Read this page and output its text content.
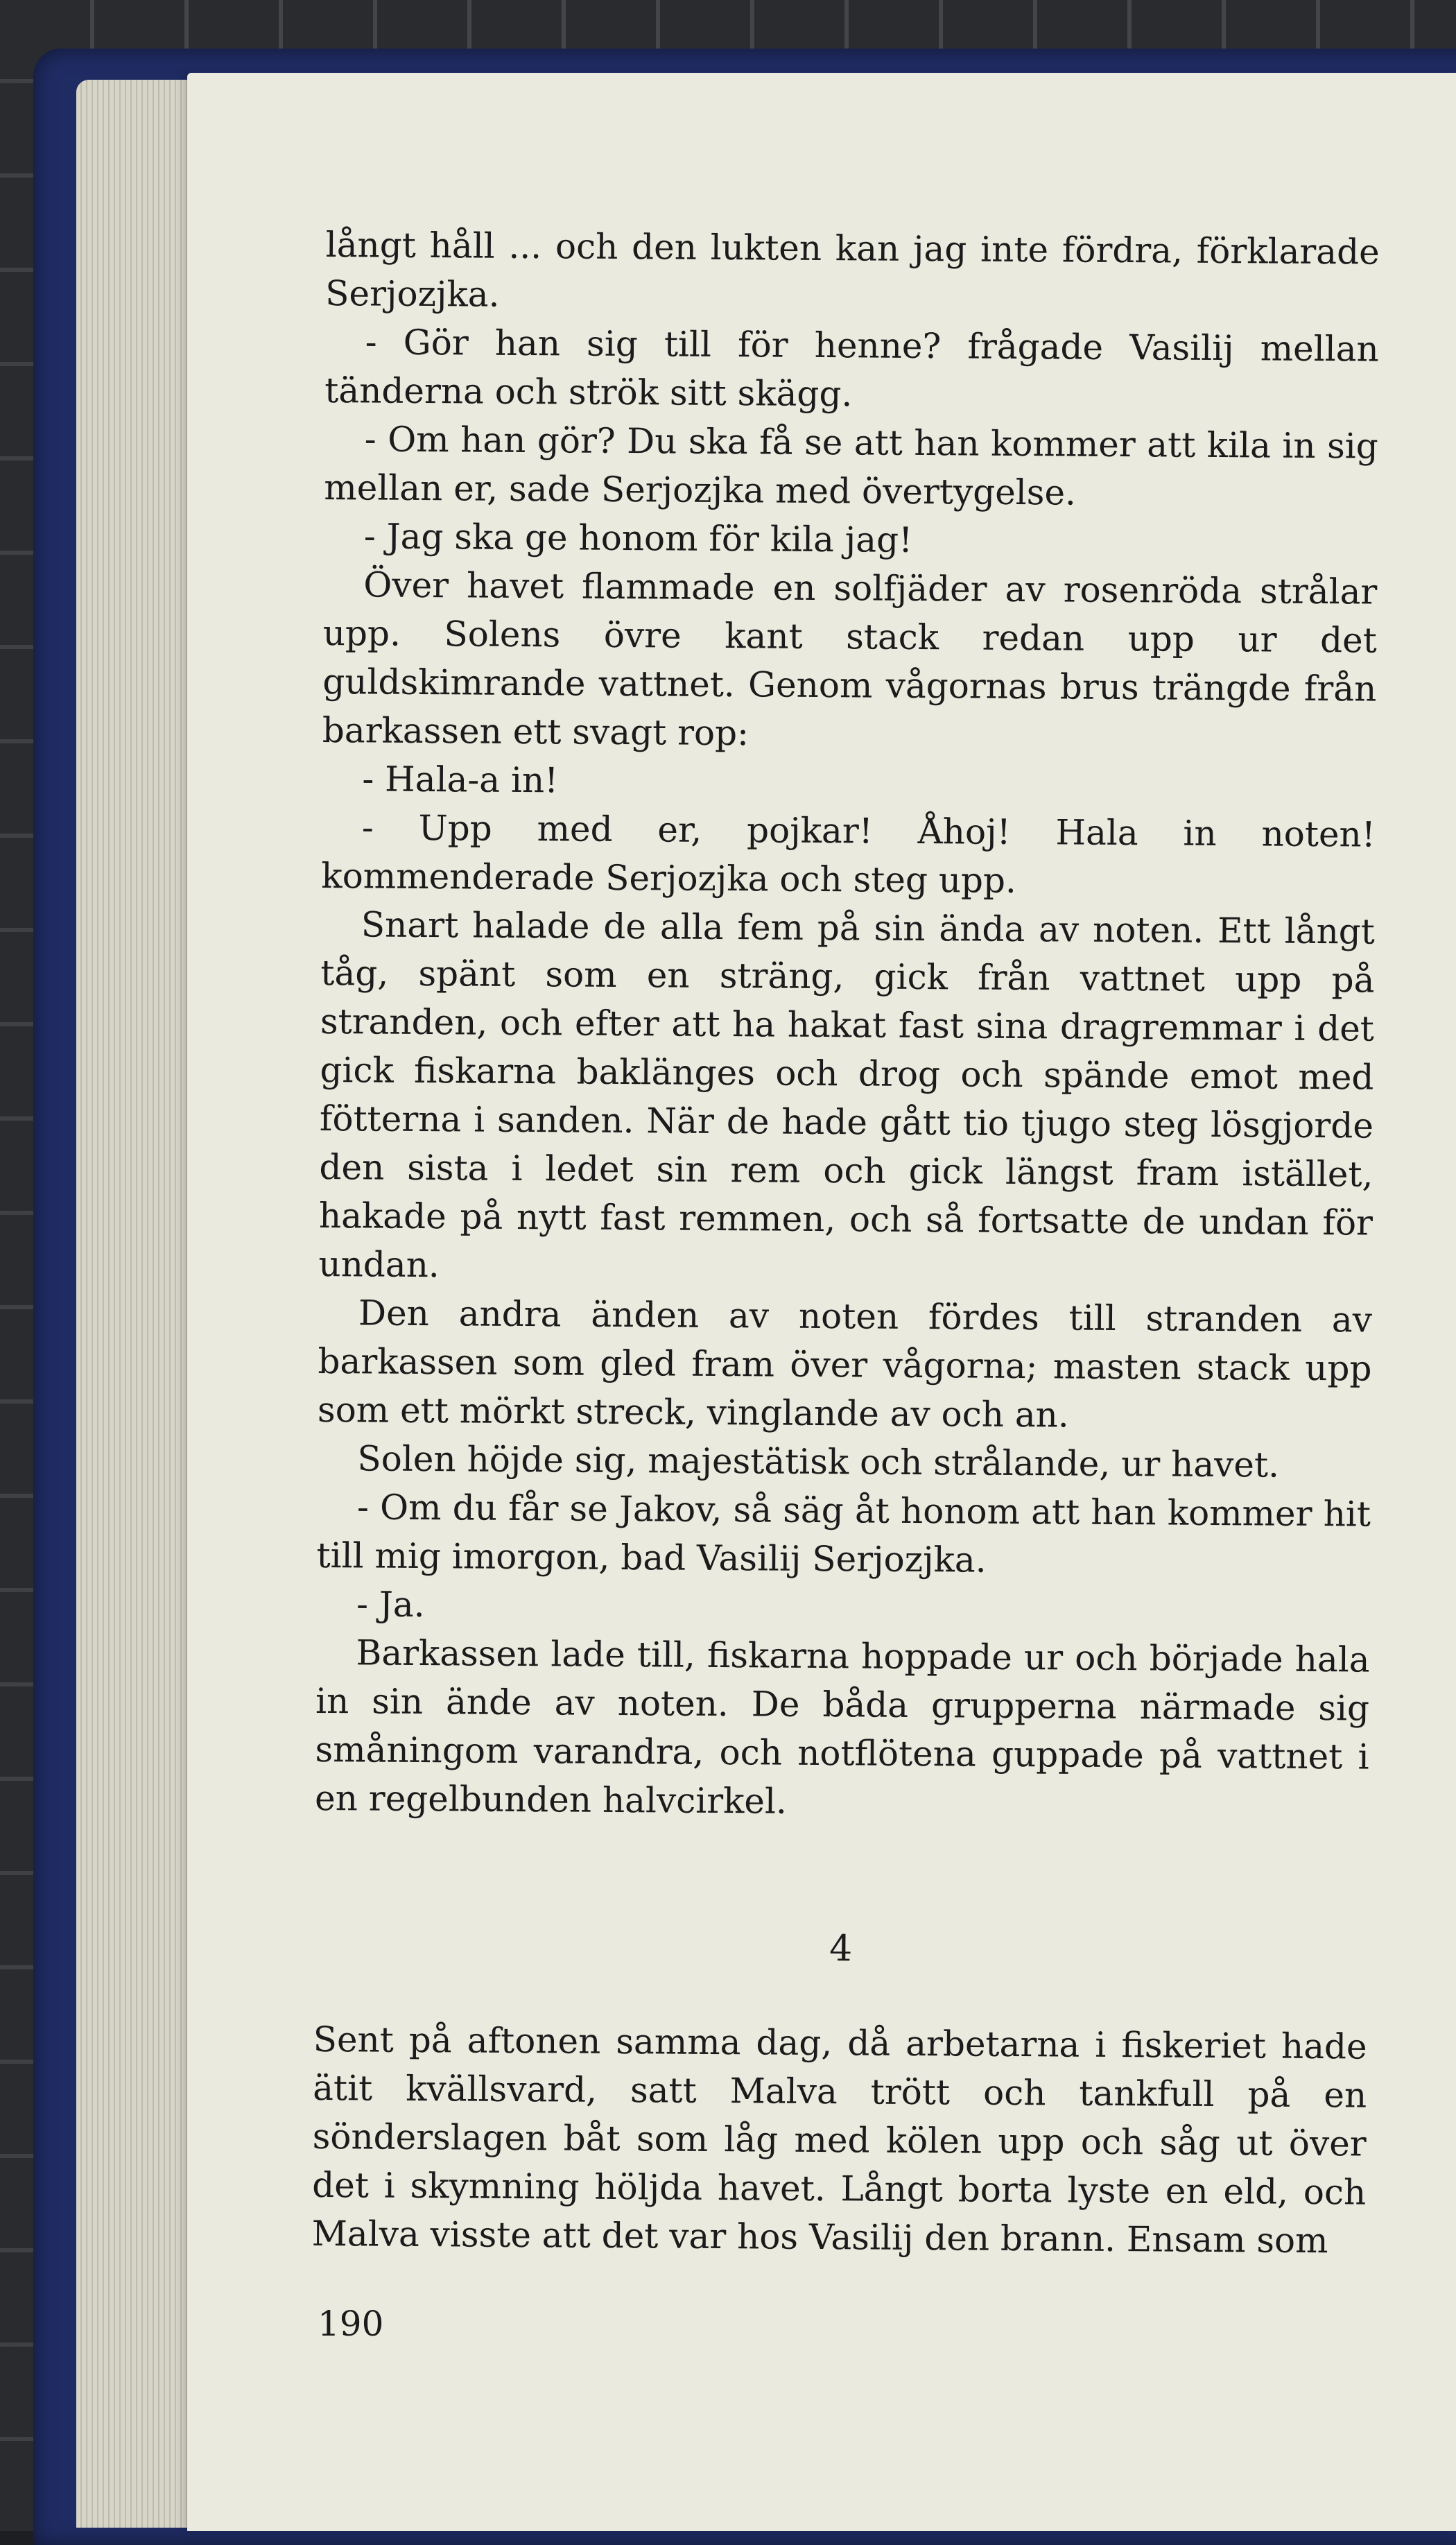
långt håll ... och den lukten kan jag inte fördra, förklarade Serjozjka.

- Gör han sig till för henne? frågade Vasilij mellan tänderna och strök sitt skägg.

- Om han gör? Du ska få se att han kommer att kila in sig mellan er, sade Serjozjka med övertygelse.

- Jag ska ge honom för kila jag!

Över havet flammade en solfjäder av rosenröda strålar upp. Solens övre kant stack redan upp ur det guldskimrande vattnet. Genom vågornas brus trängde från barkassen ett svagt rop:

- Hala-a in!

- Upp med er, pojkar! Åhoj! Hala in noten! kommenderade Serjozjka och steg upp.

Snart halade de alla fem på sin ända av noten. Ett långt tåg, spänt som en sträng, gick från vattnet upp på stranden, och efter att ha hakat fast sina dragremmar i det gick fiskarna baklänges och drog och spände emot med fötterna i sanden. När de hade gått tio tjugo steg lösgjorde den sista i ledet sin rem och gick längst fram istället, hakade på nytt fast remmen, och så fortsatte de undan för undan.

Den andra änden av noten fördes till stranden av barkassen som gled fram över vågorna; masten stack upp som ett mörkt streck, vinglande av och an.

Solen höjde sig, majestätisk och strålande, ur havet.

- Om du får se Jakov, så säg åt honom att han kommer hit till mig imorgon, bad Vasilij Serjozjka.

- Ja.

Barkassen lade till, fiskarna hoppade ur och började hala in sin ände av noten. De båda grupperna närmade sig småningom varandra, och notflötena guppade på vattnet i en regelbunden halvcirkel.

4

Sent på aftonen samma dag, då arbetarna i fiskeriet hade ätit kvällsvard, satt Malva trött och tankfull på en sönderslagen båt som låg med kölen upp och såg ut över det i skymning höljda havet. Långt borta lyste en eld, och Malva visste att det var hos Vasilij den brann. Ensam som

190
